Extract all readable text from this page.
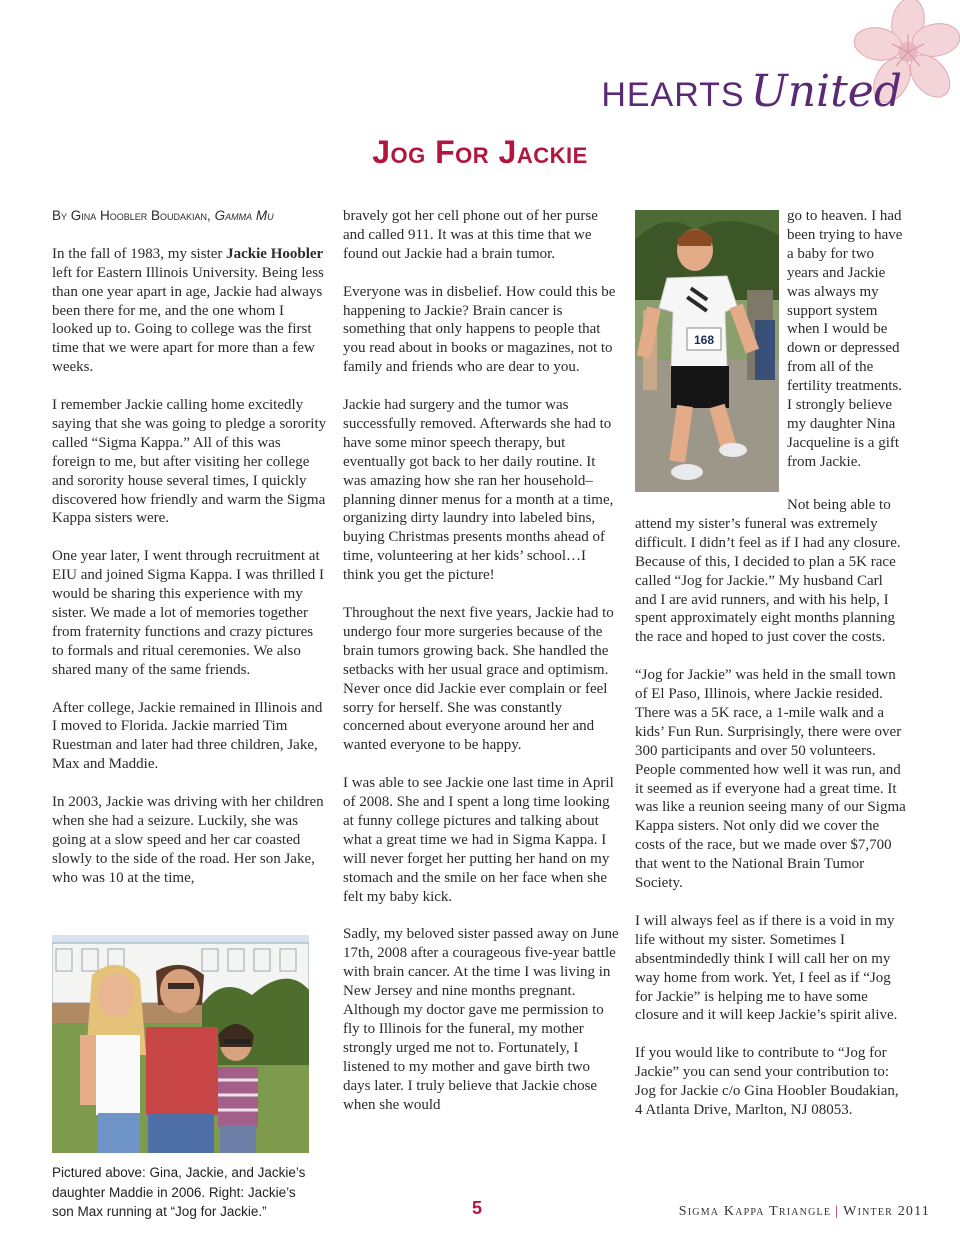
HEARTS United
Jog For Jackie
By Gina Hoobler Boudakian, Gamma Mu

In the fall of 1983, my sister Jackie Hoobler left for Eastern Illinois University. Being less than one year apart in age, Jackie had always been there for me, and the one whom I looked up to. Going to college was the first time that we were apart for more than a few weeks.

I remember Jackie calling home excitedly saying that she was going to pledge a sorority called “Sigma Kappa.” All of this was foreign to me, but after visiting her college and sorority house several times, I quickly discovered how friendly and warm the Sigma Kappa sisters were.

One year later, I went through recruitment at EIU and joined Sigma Kappa. I was thrilled I would be sharing this experience with my sister. We made a lot of memories together from fraternity functions and crazy pictures to formals and ritual ceremonies. We also shared many of the same friends.

After college, Jackie remained in Illinois and I moved to Florida. Jackie married Tim Ruestman and later had three children, Jake, Max and Maddie.

In 2003, Jackie was driving with her children when she had a seizure. Luckily, she was going at a slow speed and her car coasted slowly to the side of the road. Her son Jake, who was 10 at the time,

bravely got her cell phone out of her purse and called 911. It was at this time that we found out Jackie had a brain tumor.

Everyone was in disbelief. How could this be happening to Jackie? Brain cancer is something that only happens to people that you read about in books or magazines, not to family and friends who are dear to you.

Jackie had surgery and the tumor was successfully removed. Afterwards she had to have some minor speech therapy, but eventually got back to her daily routine. It was amazing how she ran her household–planning dinner menus for a month at a time, organizing dirty laundry into labeled bins, buying Christmas presents months ahead of time, volunteering at her kids’ school…I think you get the picture!

Throughout the next five years, Jackie had to undergo four more surgeries because of the brain tumors growing back. She handled the setbacks with her usual grace and optimism. Never once did Jackie ever complain or feel sorry for herself. She was constantly concerned about everyone around her and wanted everyone to be happy.

I was able to see Jackie one last time in April of 2008. She and I spent a long time looking at funny college pictures and talking about what a great time we had in Sigma Kappa. I will never forget her putting her hand on my stomach and the smile on her face when she felt my baby kick.

Sadly, my beloved sister passed away on June 17th, 2008 after a courageous five-year battle with brain cancer. At the time I was living in New Jersey and nine months pregnant. Although my doctor gave me permission to fly to Illinois for the funeral, my mother strongly urged me not to. Fortunately, I listened to my mother and gave birth two days later. I truly believe that Jackie chose when she would

168

go to heaven. I had been trying to have a baby for two years and Jackie was always my support system when I would be down or depressed from all of the fertility treatments. I strongly believe my daughter Nina Jacqueline is a gift from Jackie.

Not being able to attend my sister’s funeral was extremely difficult. I didn’t feel as if I had any closure. Because of this, I decided to plan a 5K race called “Jog for Jackie.” My husband Carl and I are avid runners, and with his help, I spent approximately eight months planning the race and hoped to just cover the costs.

“Jog for Jackie” was held in the small town of El Paso, Illinois, where Jackie resided. There was a 5K race, a 1-mile walk and a kids’ Fun Run. Surprisingly, there were over 300 participants and over 50 volunteers. People commented how well it was run, and it seemed as if everyone had a great time. It was like a reunion seeing many of our Sigma Kappa sisters. Not only did we cover the costs of the race, but we made over $7,700 that went to the National Brain Tumor Society.

I will always feel as if there is a void in my life without my sister. Sometimes I absentmindedly think I will call her on my way home from work. Yet, I feel as if “Jog for Jackie” is helping me to have some closure and it will keep Jackie’s spirit alive.

If you would like to contribute to “Jog for Jackie” you can send your contribution to: Jog for Jackie c/o Gina Hoobler Boudakian, 4 Atlanta Drive, Marlton, NJ 08053.

Pictured above: Gina, Jackie, and Jackie’s daughter Maddie in 2006. Right: Jackie’s son Max running at “Jog for Jackie.”	5	Sigma Kappa Triangle | Winter 2011
